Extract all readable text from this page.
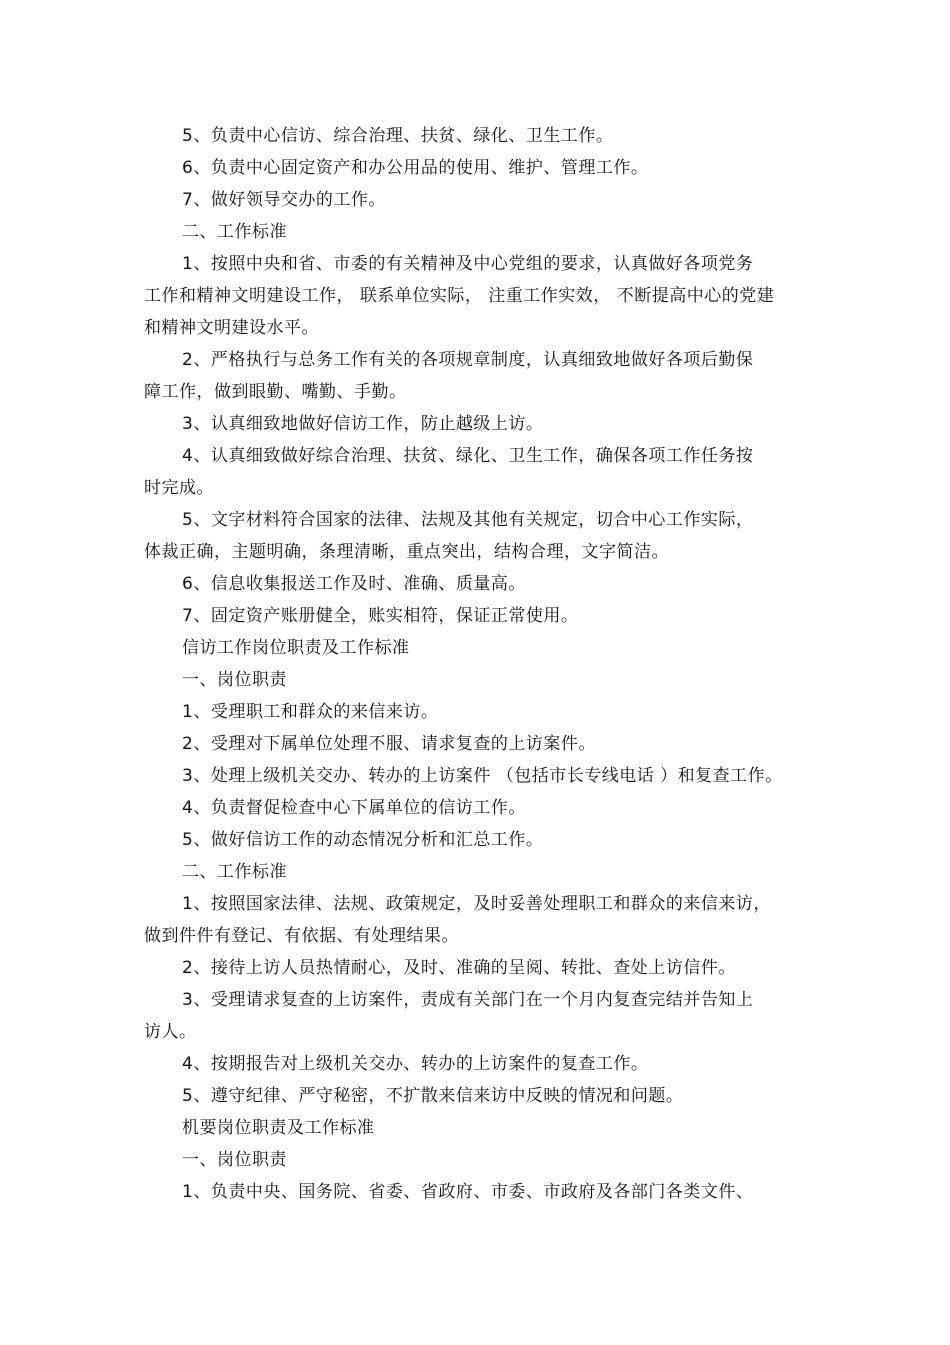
5、负责中心信访、综合治理、扶贫、绿化、卫生工作。
6、负责中心固定资产和办公用品的使用、维护、管理工作。
7、做好领导交办的工作。
二、工作标准
1、按照中央和省、市委的有关精神及中心党组的要求，认真做好各项党务
工作和精神文明建设工作， 联系单位实际， 注重工作实效， 不断提高中心的党建
和精神文明建设水平。
2、严格执行与总务工作有关的各项规章制度，认真细致地做好各项后勤保
障工作，做到眼勤、嘴勤、手勤。
3、认真细致地做好信访工作，防止越级上访。
4、认真细致做好综合治理、扶贫、绿化、卫生工作，确保各项工作任务按
时完成。
5、文字材料符合国家的法律、法规及其他有关规定，切合中心工作实际，
体裁正确，主题明确，条理清晰，重点突出，结构合理，文字简洁。
6、信息收集报送工作及时、准确、质量高。
7、固定资产账册健全，账实相符，保证正常使用。
信访工作岗位职责及工作标准
一、岗位职责
1、受理职工和群众的来信来访。
2、受理对下属单位处理不服、请求复查的上访案件。
3、处理上级机关交办、转办的上访案件 （包括市长专线电话 ）和复查工作。
4、负责督促检查中心下属单位的信访工作。
5、做好信访工作的动态情况分析和汇总工作。
二、工作标准
1、按照国家法律、法规、政策规定，及时妥善处理职工和群众的来信来访，
做到件件有登记、有依据、有处理结果。
2、接待上访人员热情耐心，及时、准确的呈阅、转批、查处上访信件。
3、受理请求复查的上访案件，责成有关部门在一个月内复查完结并告知上
访人。
4、按期报告对上级机关交办、转办的上访案件的复查工作。
5、遵守纪律、严守秘密，不扩散来信来访中反映的情况和问题。
机要岗位职责及工作标准
一、岗位职责
1、负责中央、国务院、省委、省政府、市委、市政府及各部门各类文件、
